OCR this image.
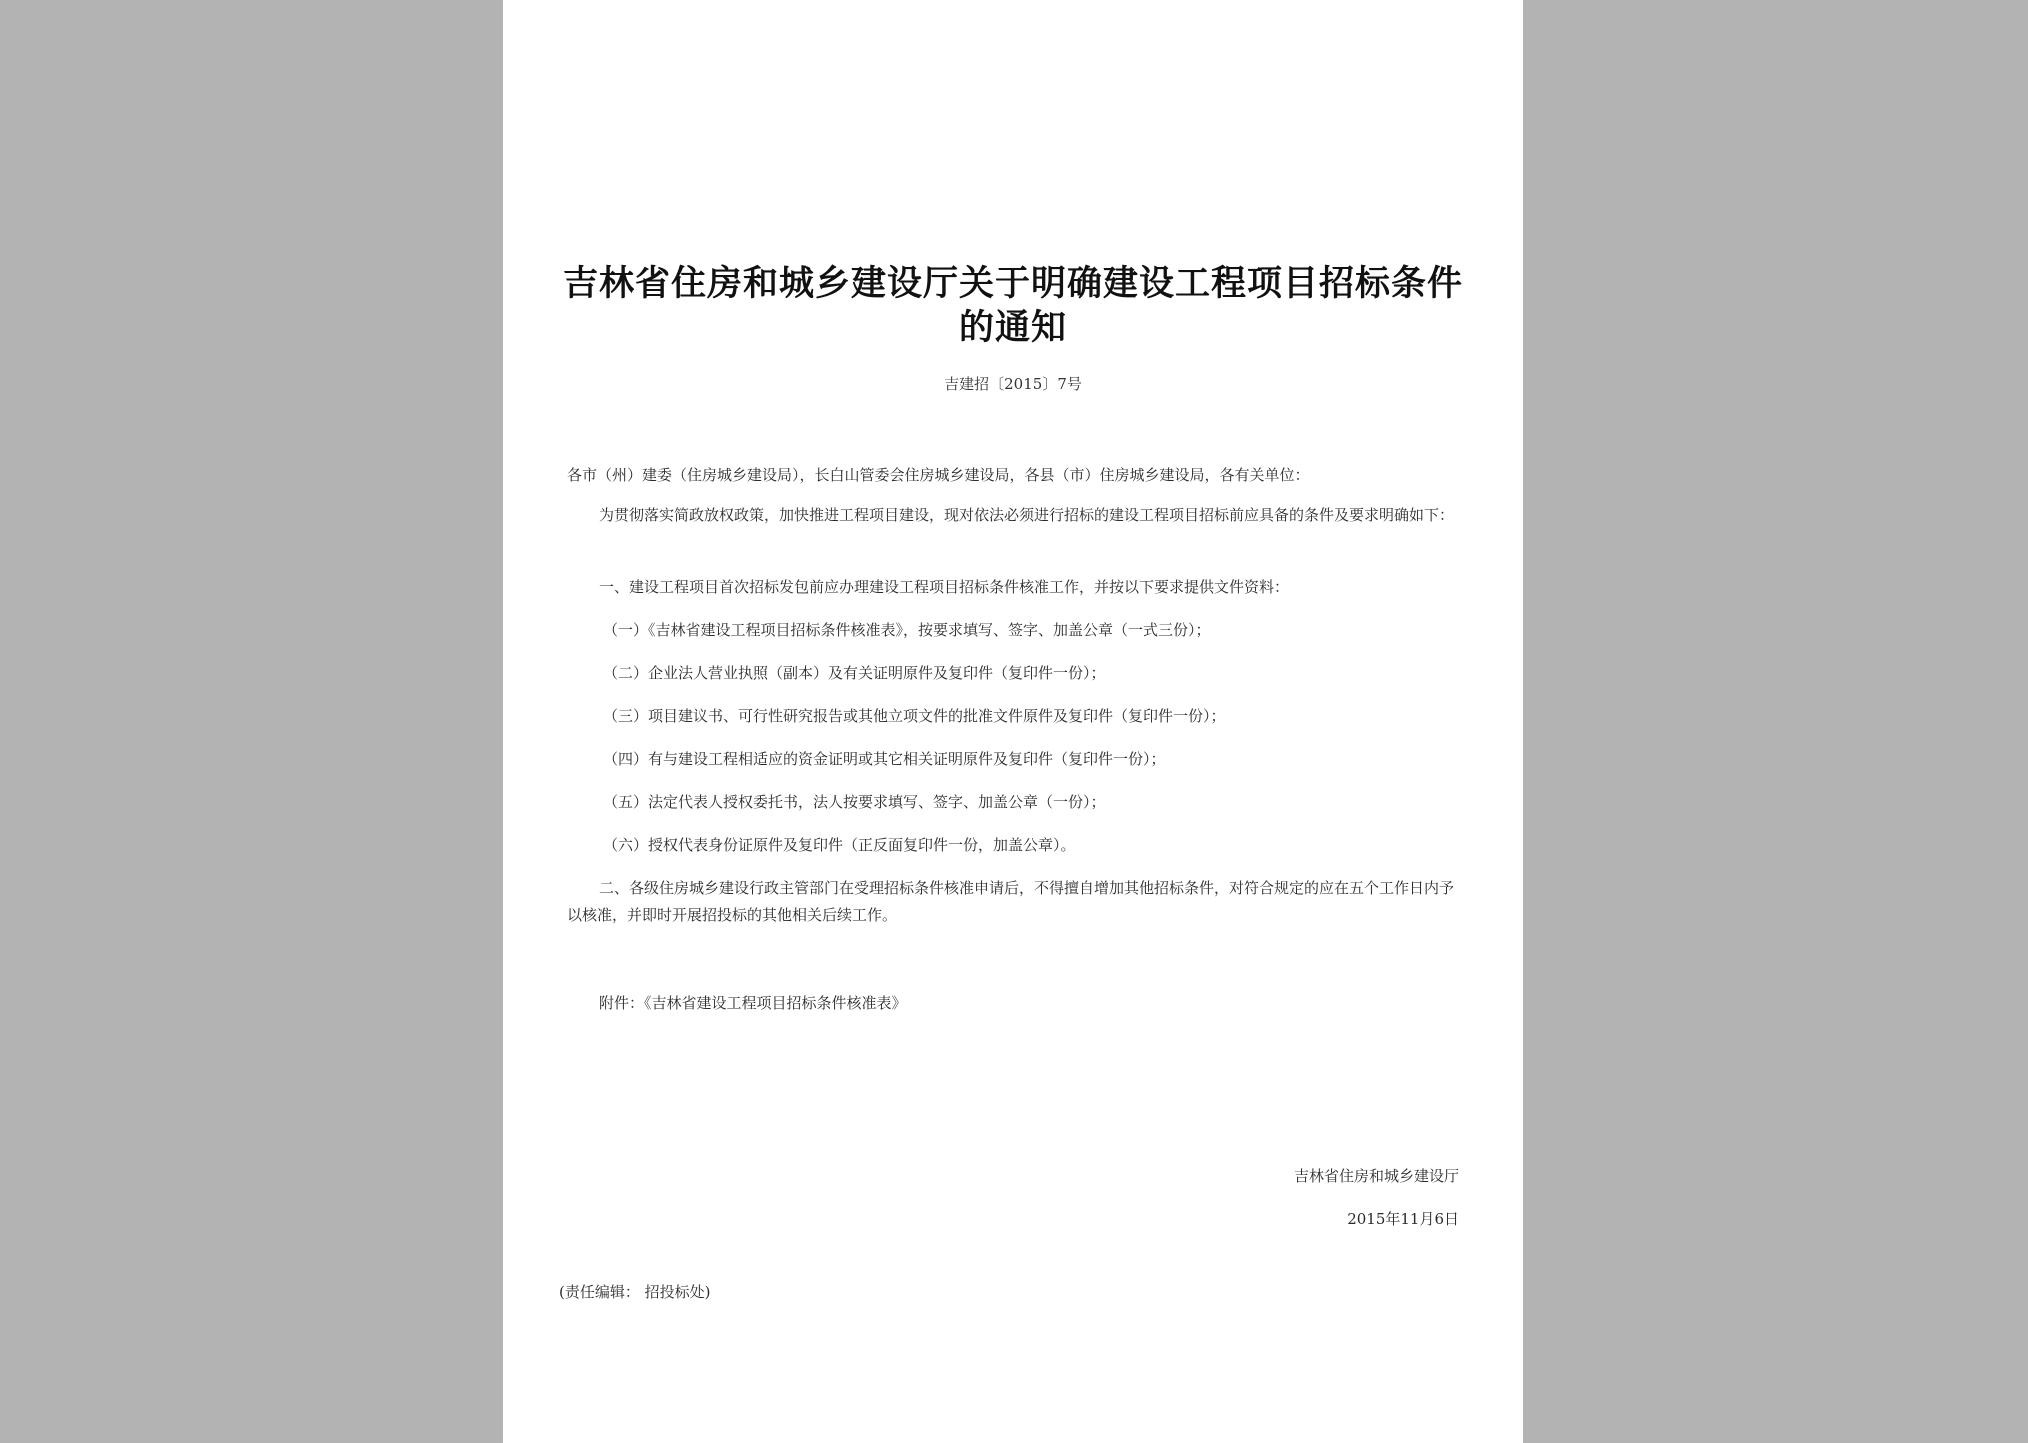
吉林省住房和城乡建设厅关于明确建设工程项目招标条件的通知
吉建招〔2015〕7号
各市（州）建委（住房城乡建设局），长白山管委会住房城乡建设局，各县（市）住房城乡建设局，各有关单位：
为贯彻落实简政放权政策，加快推进工程项目建设，现对依法必须进行招标的建设工程项目招标前应具备的条件及要求明确如下：
一、建设工程项目首次招标发包前应办理建设工程项目招标条件核准工作，并按以下要求提供文件资料：
（一）《吉林省建设工程项目招标条件核准表》，按要求填写、签字、加盖公章（一式三份）；
（二）企业法人营业执照（副本）及有关证明原件及复印件（复印件一份）；
（三）项目建议书、可行性研究报告或其他立项文件的批准文件原件及复印件（复印件一份）；
（四）有与建设工程相适应的资金证明或其它相关证明原件及复印件（复印件一份）；
（五）法定代表人授权委托书，法人按要求填写、签字、加盖公章（一份）；
（六）授权代表身份证原件及复印件（正反面复印件一份，加盖公章）。
二、各级住房城乡建设行政主管部门在受理招标条件核准申请后，不得擅自增加其他招标条件，对符合规定的应在五个工作日内予以核准，并即时开展招投标的其他相关后续工作。
附件：《吉林省建设工程项目招标条件核准表》
吉林省住房和城乡建设厅
2015年11月6日
(责任编辑： 招投标处)
